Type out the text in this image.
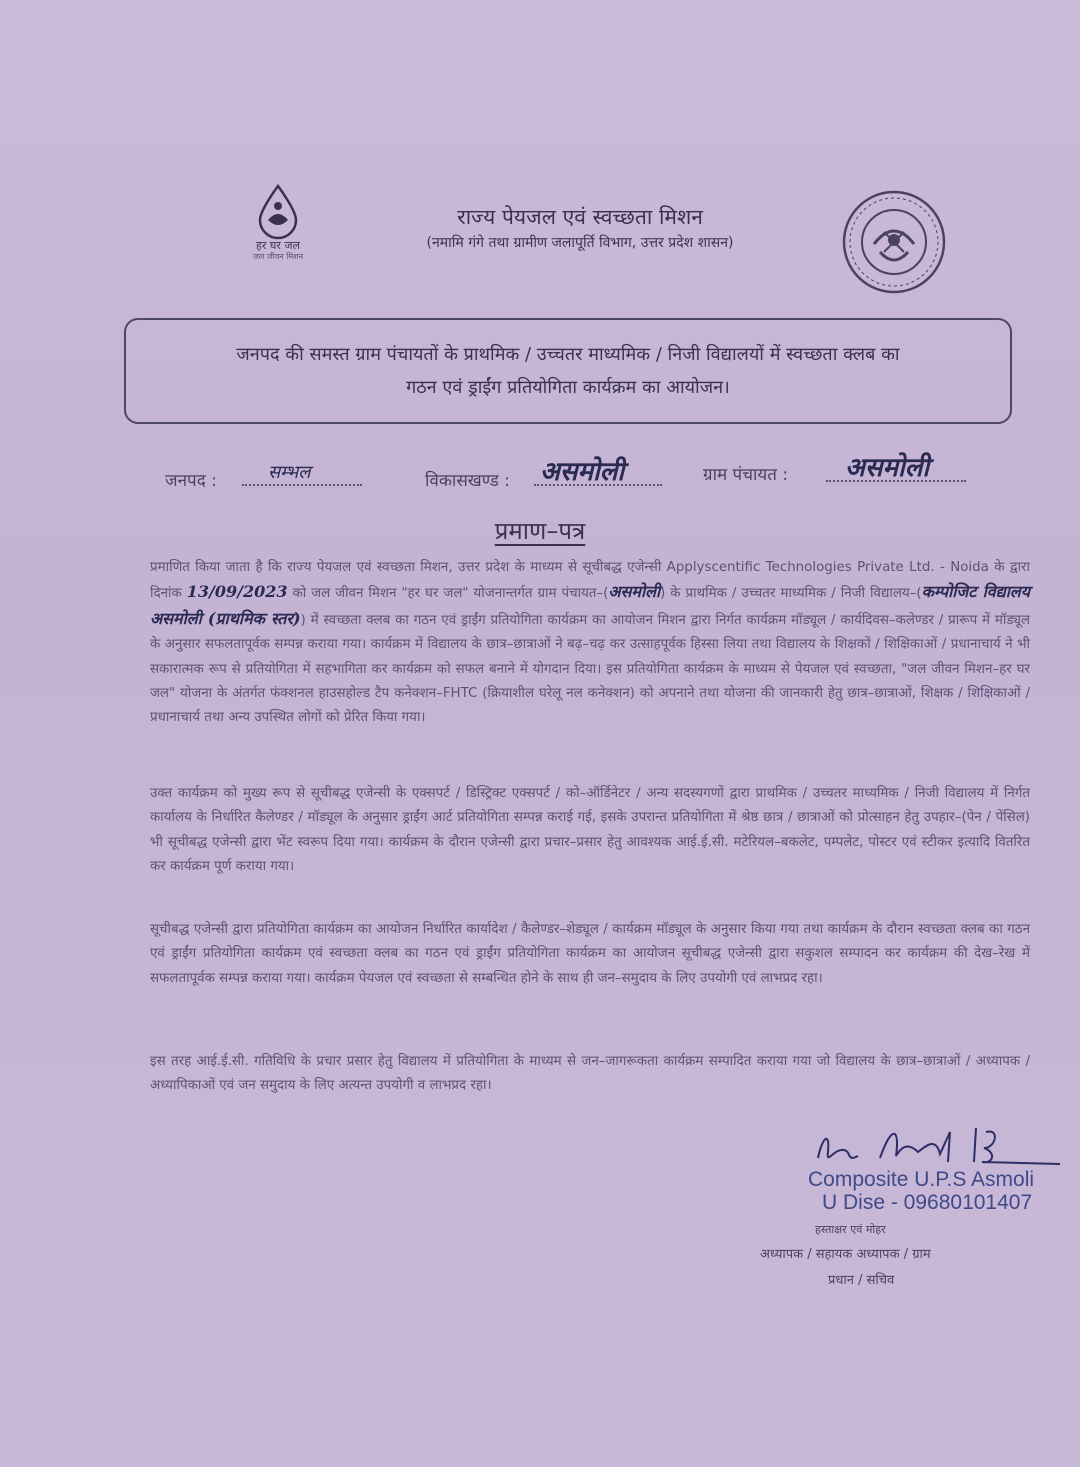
हर घर जल
जल जीवन मिशन
राज्य पेयजल एवं स्वच्छता मिशन
(नमामि गंगे तथा ग्रामीण जलापूर्ति विभाग, उत्तर प्रदेश शासन)
जनपद की समस्त ग्राम पंचायतों के प्राथमिक / उच्चतर माध्यमिक / निजी विद्यालयों में स्वच्छता क्लब का
गठन एवं ड्राईंग प्रतियोगिता कार्यक्रम का आयोजन।
जनपद :	सम्भल	विकासखण्ड : असमोली	ग्राम पंचायत : असमोली
प्रमाण–पत्र
प्रमाणित किया जाता है कि राज्य पेयजल एवं स्वच्छता मिशन, उत्तर प्रदेश के माध्यम से सूचीबद्ध एजेन्सी Applyscentific Technologies Private Ltd. - Noida के द्वारा दिनांक 13/09/2023 को जल जीवन मिशन "हर घर जल" योजनान्तर्गत ग्राम पंचायत–(असमोली) के प्राथमिक / उच्चतर माध्यमिक / निजी विद्यालय–(कम्पोजिट विद्यालय असमोली (प्राथमिक स्तर)) में स्वच्छता क्लब का गठन एवं ड्राईंग प्रतियोगिता कार्यक्रम का आयोजन मिशन द्वारा निर्गत कार्यक्रम मॉड्यूल / कार्यदिवस–कलेण्डर / प्रारूप में मॉड्यूल के अनुसार सफलतापूर्वक सम्पन्न कराया गया। कार्यक्रम में विद्यालय के छात्र–छात्राओं ने बढ़–चढ़ कर उत्साहपूर्वक हिस्सा लिया तथा विद्यालय के शिक्षकों / शिक्षिकाओं / प्रधानाचार्य ने भी सकारात्मक रूप से प्रतियोगिता में सहभागिता कर कार्यक्रम को सफल बनाने में योगदान दिया। इस प्रतियोगिता कार्यक्रम के माध्यम से पेयजल एवं स्वच्छता, "जल जीवन मिशन–हर घर जल" योजना के अंतर्गत फंक्शनल हाउसहोल्ड टैप कनेक्शन–FHTC (क्रियाशील घरेलू नल कनेक्शन) को अपनाने तथा योजना की जानकारी हेतु छात्र–छात्राओं, शिक्षक / शिक्षिकाओं / प्रधानाचार्य तथा अन्य उपस्थित लोगों को प्रेरित किया गया।
उक्त कार्यक्रम को मुख्य रूप से सूचीबद्ध एजेन्सी के एक्सपर्ट / डिस्ट्रिक्ट एक्सपर्ट / को–ऑर्डिनेटर / अन्य सदस्यगणों द्वारा प्राथमिक / उच्चतर माध्यमिक / निजी विद्यालय में निर्गत कार्यालय के निर्धारित कैलेण्डर / मॉड्यूल के अनुसार ड्राईंग आर्ट प्रतियोगिता सम्पन्न कराई गई, इसके उपरान्त प्रतियोगिता में श्रेष्ठ छात्र / छात्राओं को प्रोत्साहन हेतु उपहार–(पेन / पेंसिल) भी सूचीबद्ध एजेन्सी द्वारा भेंट स्वरूप दिया गया। कार्यक्रम के दौरान एजेन्सी द्वारा प्रचार–प्रसार हेतु आवश्यक आई.ई.सी. मटेरियल–बकलेट, पम्पलेट, पोस्टर एवं स्टीकर इत्यादि वितरित कर कार्यक्रम पूर्ण कराया गया।
सूचीबद्ध एजेन्सी द्वारा प्रतियोगिता कार्यक्रम का आयोजन निर्धारित कार्यादेश / कैलेण्डर–शेड्यूल / कार्यक्रम मॉड्यूल के अनुसार किया गया तथा कार्यक्रम के दौरान स्वच्छता क्लब का गठन एवं ड्राईंग प्रतियोगिता कार्यक्रम एवं स्वच्छता क्लब का गठन एवं ड्राईंग प्रतियोगिता कार्यक्रम का आयोजन सूचीबद्ध एजेन्सी द्वारा सकुशल सम्पादन कर कार्यक्रम की देख–रेख में सफलतापूर्वक सम्पन्न कराया गया। कार्यक्रम पेयजल एवं स्वच्छता से सम्बन्धित होने के साथ ही जन–समुदाय के लिए उपयोगी एवं लाभप्रद रहा।
इस तरह आई.ई.सी. गतिविधि के प्रचार प्रसार हेतु विद्यालय में प्रतियोगिता के माध्यम से जन–जागरूकता कार्यक्रम सम्पादित कराया गया जो विद्यालय के छात्र–छात्राओं / अध्यापक / अध्यापिकाओं एवं जन समुदाय के लिए अत्यन्त उपयोगी व लाभप्रद रहा।
Composite U.P.S Asmoli
U Dise - 09680101407
हस्ताक्षर एवं मोहर
अध्यापक / सहायक अध्यापक / ग्राम
प्रधान / सचिव
